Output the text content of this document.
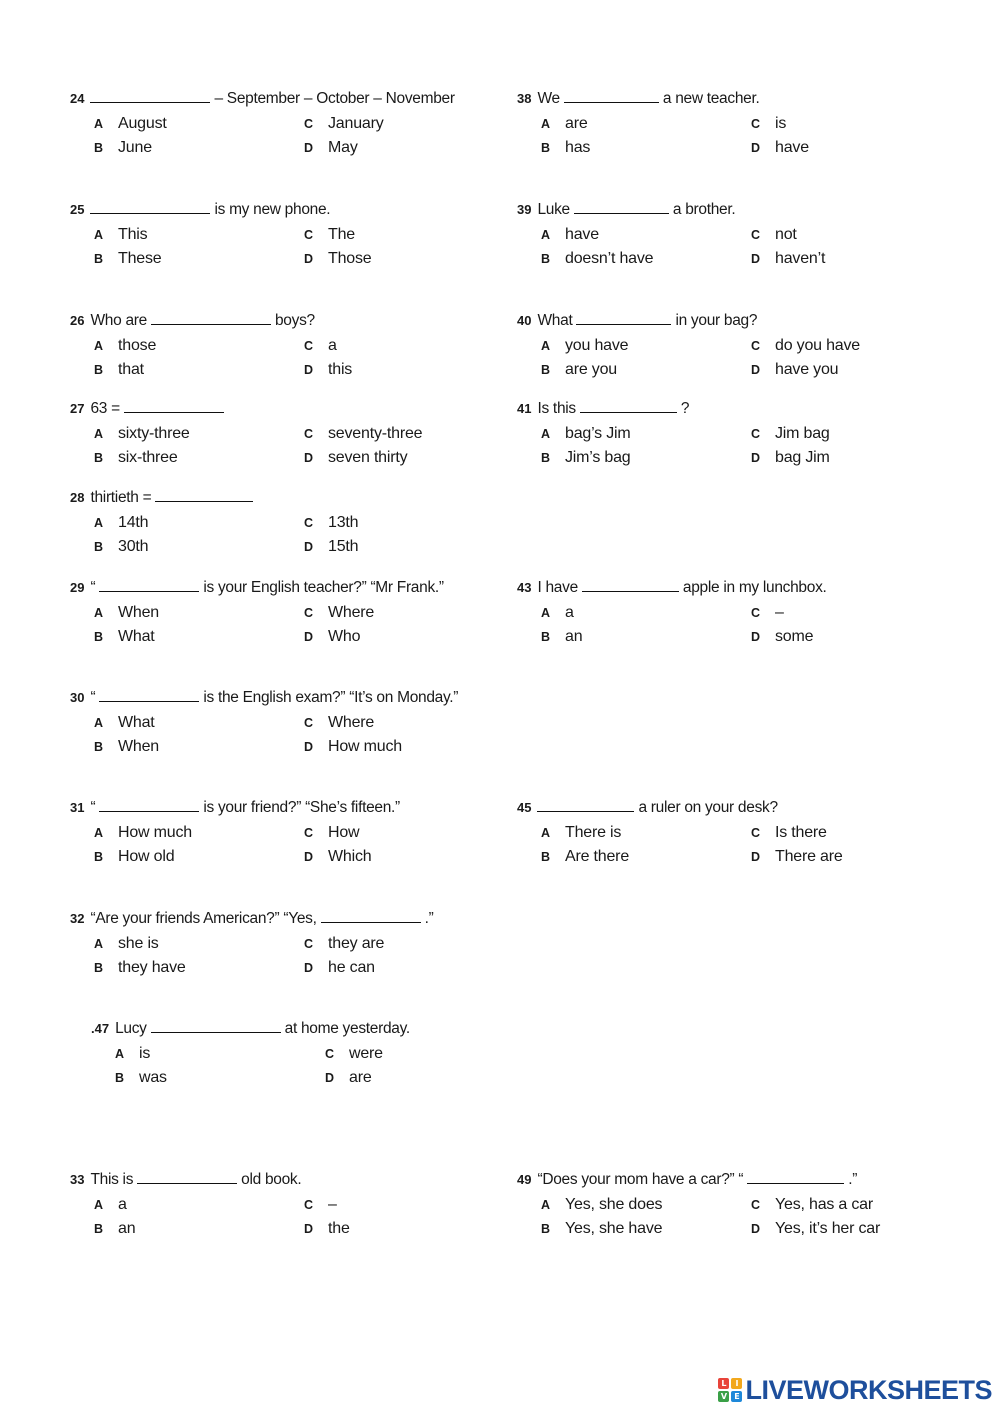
24	– September – October – November
A August
B June
C January
D May
25	is my new phone.
A This
B These
C The
D Those
26 Who are	boys?
A those
B that
C a
D this
27 63 =
A sixty-three
B six-three
C seventy-three
D seven thirty
28 thirtieth =
A 14th
B 30th
C 13th
D 15th
29 “	is your English teacher?” “Mr Frank.”
A When
B What
C Where
D Who
30 “	is the English exam?” “It’s on Monday.”
A What
B When
C Where
D How much
31 “	is your friend?” “She’s fifteen.”
A How much
B How old
C How
D Which
32 “Are your friends American?” “Yes,	.”
A she is
B they have
C they are
D he can
.47 Lucy	at home yesterday.
A is
B was
C were
D are
33 This is	old book.
A a
B an
C –
D the
38 We	a new teacher.
A are
B has
C is
D have
39 Luke	a brother.
A have
B doesn’t have
C not
D haven’t
40 What	in your bag?
A you have
B are you
C do you have
D have you
41 Is this	?
A bag’s Jim
B Jim’s bag
C Jim bag
D bag Jim
43 I have	apple in my lunchbox.
A a
B an
C –
D some
45	a ruler on your desk?
A There is
B Are there
C Is there
D There are
49 “Does your mom have a car?” “	.”
A Yes, she does
B Yes, she have
C Yes, has a car
D Yes, it’s her car
L	I
V E LIVEWORKSHEETS
